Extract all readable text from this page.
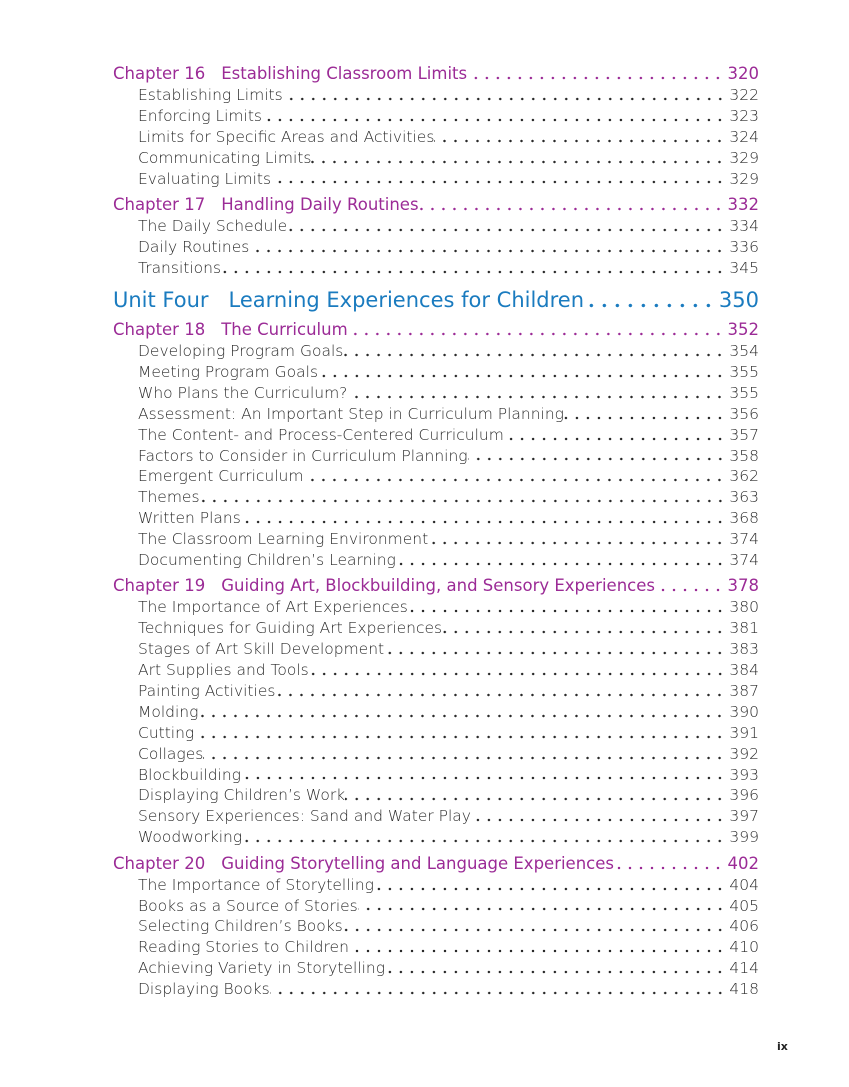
Chapter 16 Establishing Classroom Limits	320
Establishing Limits	322
Enforcing Limits	323
Limits for Specific Areas and Activities	324
Communicating Limits	329
Evaluating Limits	329
Chapter 17 Handling Daily Routines	332
The Daily Schedule	334
Daily Routines	336
Transitions	345
Unit Four Learning Experiences for Children	350
Chapter 18 The Curriculum	352
Developing Program Goals	354
Meeting Program Goals	355
Who Plans the Curriculum?	355
Assessment: An Important Step in Curriculum Planning	356
The Content- and Process-Centered Curriculum	357
Factors to Consider in Curriculum Planning	358
Emergent Curriculum	362
Themes	363
Written Plans	368
The Classroom Learning Environment	374
Documenting Children’s Learning	374
Chapter 19 Guiding Art, Blockbuilding, and Sensory Experiences	378
The Importance of Art Experiences	380
Techniques for Guiding Art Experiences	381
Stages of Art Skill Development	383
Art Supplies and Tools	384
Painting Activities	387
Molding	390
Cutting	391
Collages	392
Blockbuilding	393
Displaying Children’s Work	396
Sensory Experiences: Sand and Water Play	397
Woodworking	399
Chapter 20 Guiding Storytelling and Language Experiences	402
The Importance of Storytelling	404
Books as a Source of Stories	405
Selecting Children’s Books	406
Reading Stories to Children	410
Achieving Variety in Storytelling	414
Displaying Books	418
ix
